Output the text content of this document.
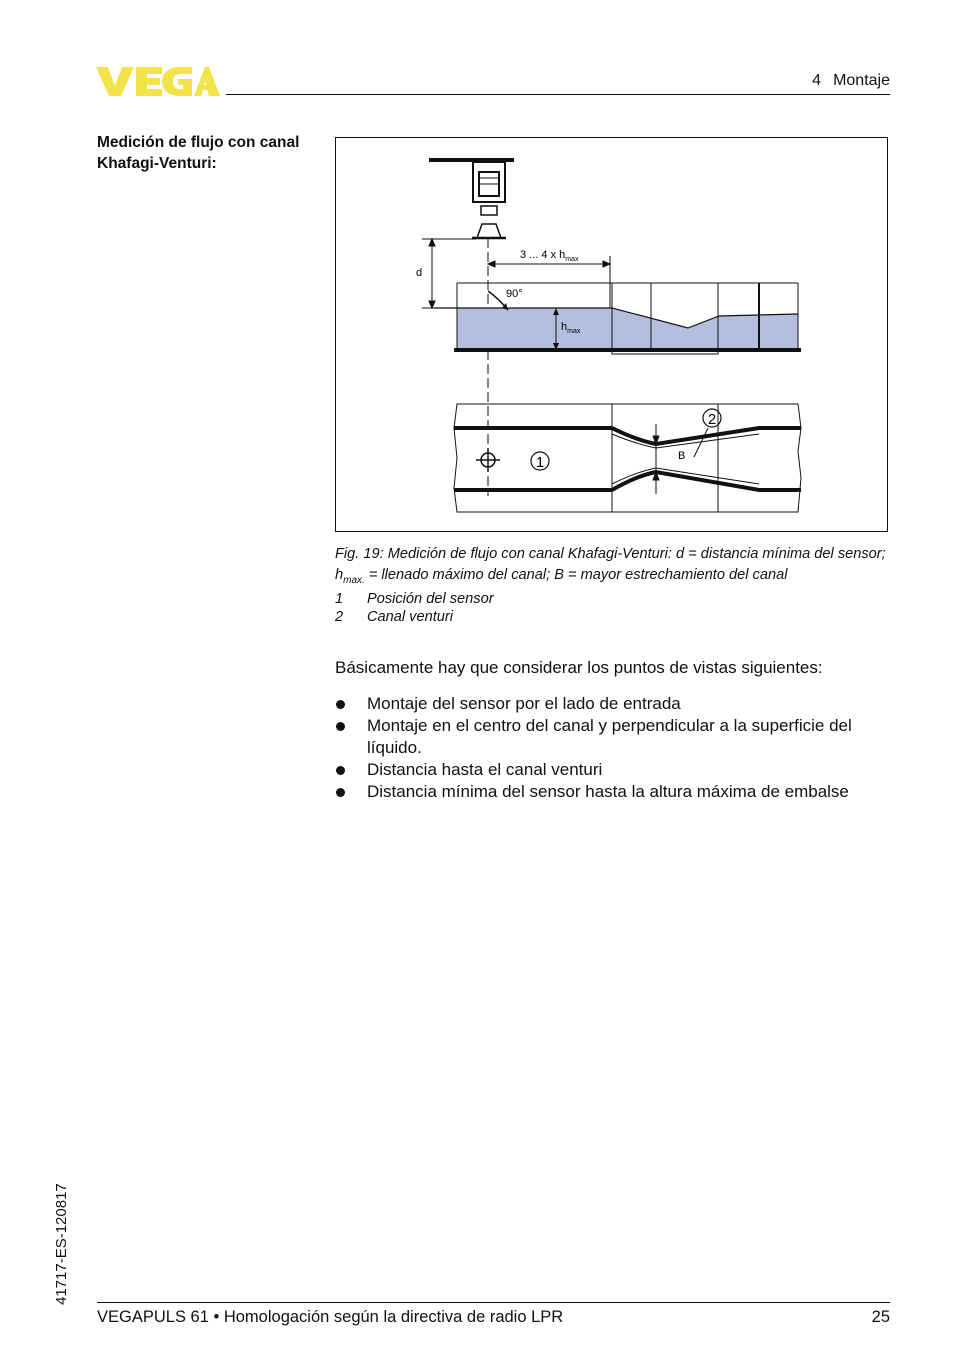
4 Montaje
Medición de flujo con canal Khafagi-Venturi:
d
3 ... 4 x $h_{max}$
90°
$h_{max}$
B
1
2
Fig. 19: Medición de flujo con canal Khafagi-Venturi: d = distancia mínima del sensor; $h_{max.}$ = llenado máximo del canal; B = mayor estrechamiento del canal
1	Posición del sensor
2	Canal venturi
Básicamente hay que considerar los puntos de vistas siguientes:
Montaje del sensor por el lado de entrada
Montaje en el centro del canal y perpendicular a la superficie del líquido.
Distancia hasta el canal venturi
Distancia mínima del sensor hasta la altura máxima de embalse
41717-ES-120817
VEGAPULS 61 • Homologación según la directiva de radio LPR	25
